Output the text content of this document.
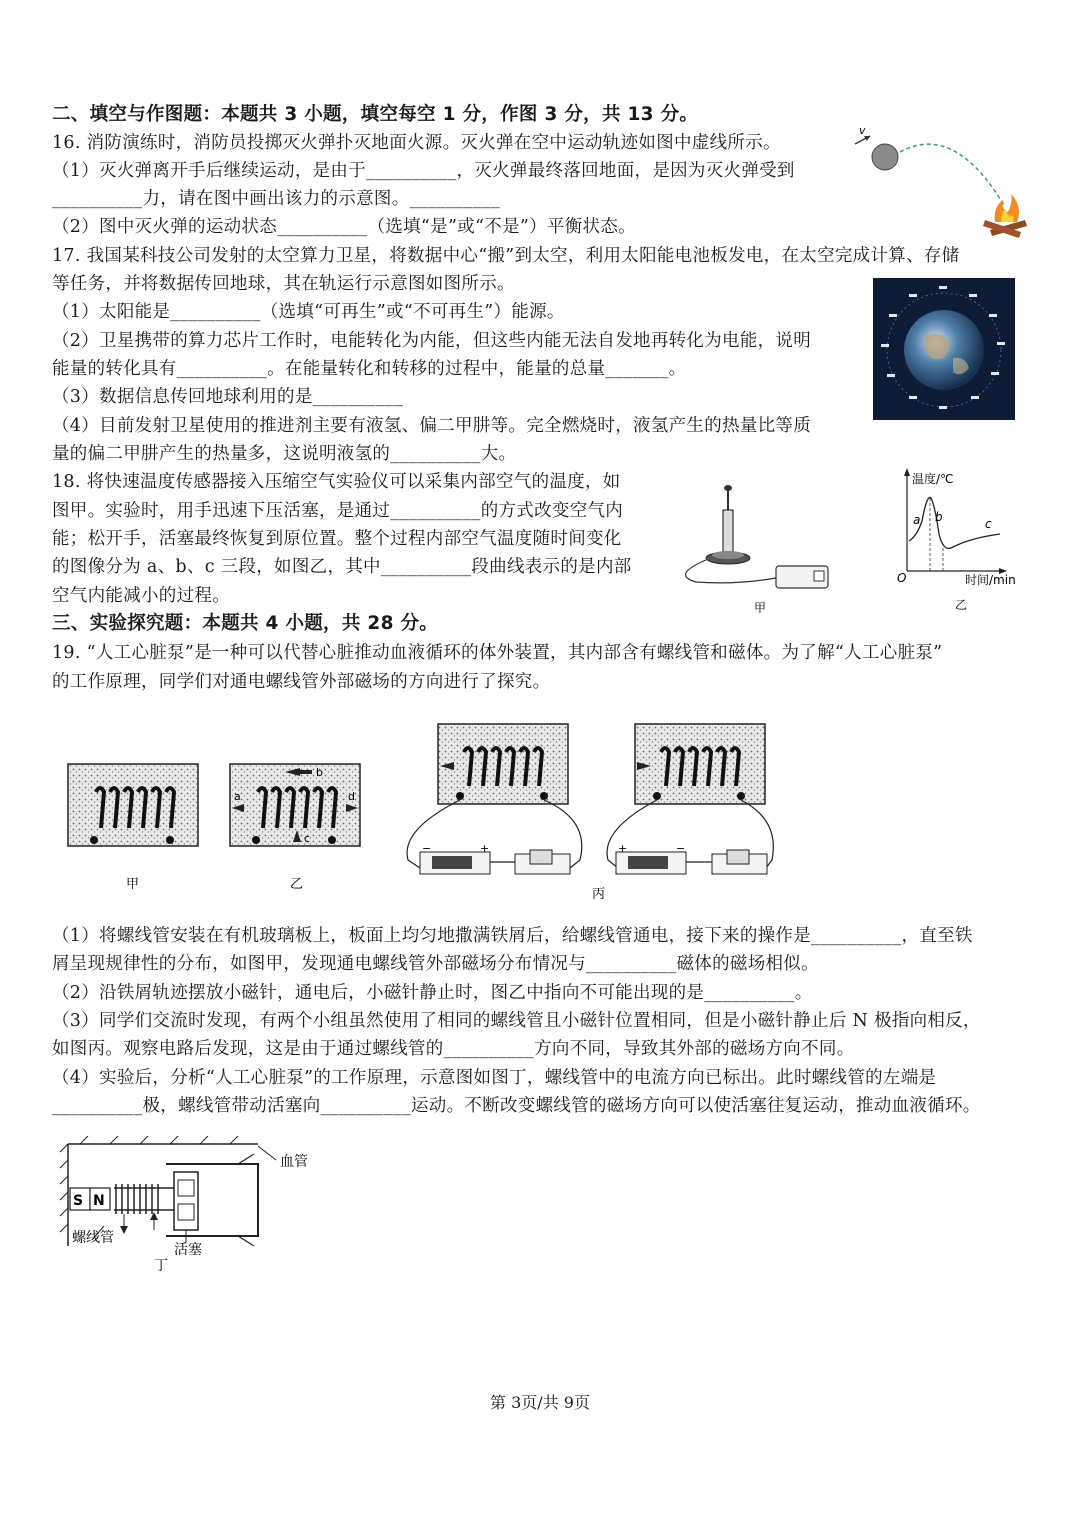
二、填空与作图题：本题共 3 小题，填空每空 1 分，作图 3 分，共 13 分。
16. 消防演练时，消防员投掷灭火弹扑灭地面火源。灭火弹在空中运动轨迹如图中虚线所示。
（1）灭火弹离开手后继续运动，是由于__________，灭火弹最终落回地面，是因为灭火弹受到
__________力，请在图中画出该力的示意图。__________
（2）图中灭火弹的运动状态__________（选填“是”或“不是”）平衡状态。
17. 我国某科技公司发射的太空算力卫星，将数据中心“搬”到太空，利用太阳能电池板发电，在太空完成计算、存储
等任务，并将数据传回地球，其在轨运行示意图如图所示。
（1）太阳能是__________（选填“可再生”或“不可再生”）能源。
（2）卫星携带的算力芯片工作时，电能转化为内能，但这些内能无法自发地再转化为电能，说明
能量的转化具有__________。在能量转化和转移的过程中，能量的总量_______。
（3）数据信息传回地球利用的是__________
（4）目前发射卫星使用的推进剂主要有液氢、偏二甲肼等。完全燃烧时，液氢产生的热量比等质
量的偏二甲肼产生的热量多，这说明液氢的__________大。
18. 将快速温度传感器接入压缩空气实验仪可以采集内部空气的温度，如
图甲。实验时，用手迅速下压活塞，是通过__________的方式改变空气内
能；松开手，活塞最终恢复到原位置。整个过程内部空气温度随时间变化
的图像分为 a、b、c 三段，如图乙，其中__________段曲线表示的是内部
空气内能减小的过程。
三、实验探究题：本题共 4 小题，共 28 分。
19. “人工心脏泵”是一种可以代替心脏推动血液循环的体外装置，其内部含有螺线管和磁体。为了解“人工心脏泵”
的工作原理，同学们对通电螺线管外部磁场的方向进行了探究。
（1）将螺线管安装在有机玻璃板上，板面上均匀地撒满铁屑后，给螺线管通电，接下来的操作是__________，直至铁
屑呈现规律性的分布，如图甲，发现通电螺线管外部磁场分布情况与__________磁体的磁场相似。
（2）沿铁屑轨迹摆放小磁针，通电后，小磁针静止时，图乙中指向不可能出现的是__________。
（3）同学们交流时发现，有两个小组虽然使用了相同的螺线管且小磁针位置相同，但是小磁针静止后 N 极指向相反，
如图丙。观察电路后发现，这是由于通过螺线管的__________方向不同，导致其外部的磁场方向不同。
（4）实验后，分析“人工心脏泵”的工作原理，示意图如图丁，螺线管中的电流方向已标出。此时螺线管的左端是
__________极，螺线管带动活塞向__________运动。不断改变螺线管的磁场方向可以使活塞往复运动，推动血液循环。
v
甲
温度/℃
时间/min
O
a b	c
乙
甲
b
a	d
c
乙
−	+	+	−
丙
S N
血管
螺线管
活塞
丁
第 3页/共 9页
